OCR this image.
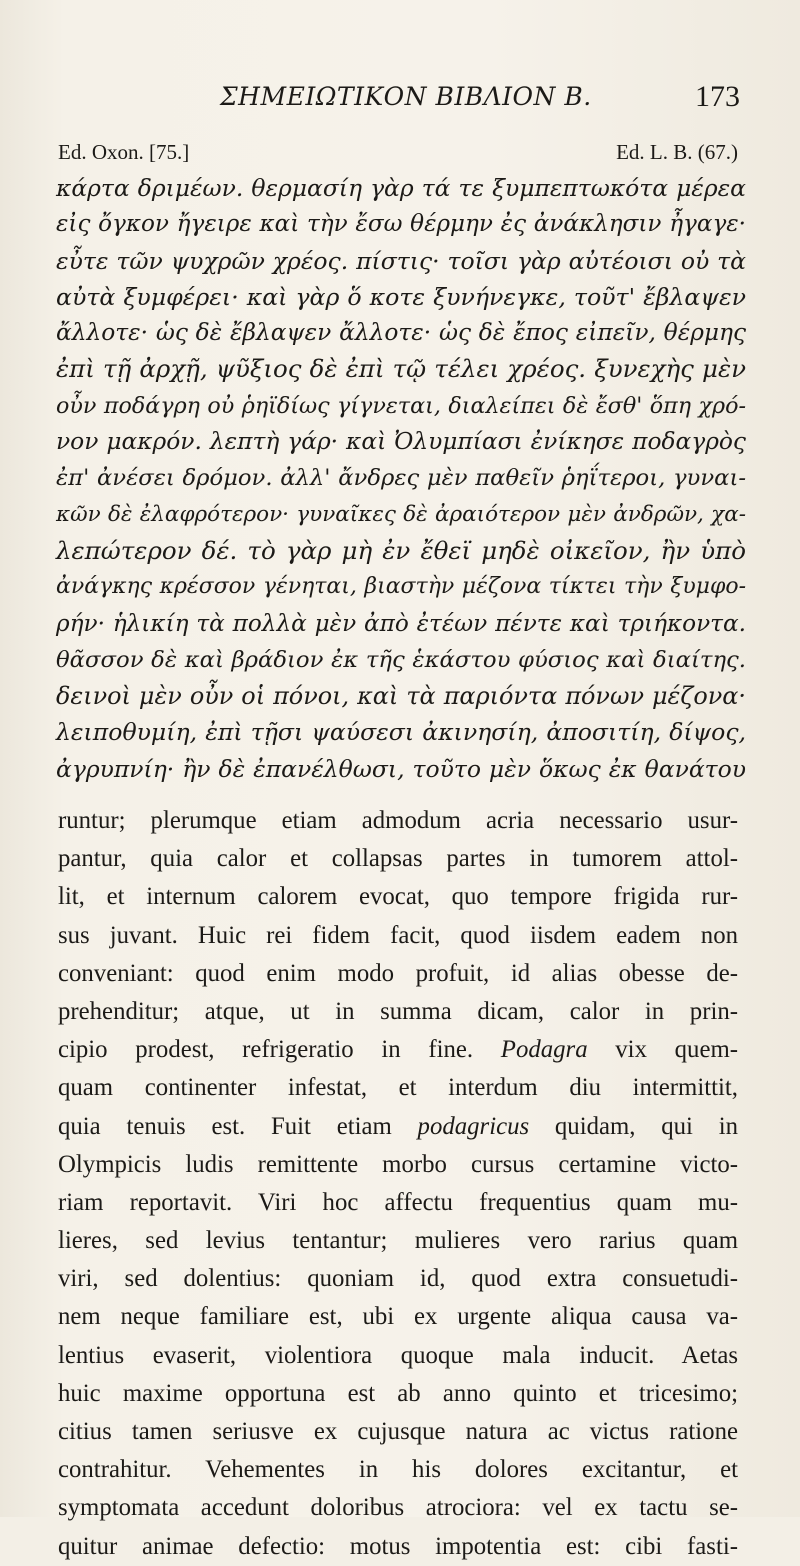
ΣΗΜΕΙΩΤΙΚΟΝ ΒΙΒΛΙΟΝ Β.	173
Ed. Oxon. [75.]	Ed. L. B. (67.)
κάρτα δριμέων. θερμασίη γὰρ τά τε ξυμπεπτωκότα μέρεα
εἰς ὄγκον ἤγειρε καὶ τὴν ἔσω θέρμην ἐς ἀνάκλησιν ἦγαγε·
εὖτε τῶν ψυχρῶν χρέος. πίστις· τοῖσι γὰρ αὐτέοισι οὐ τὰ
αὐτὰ ξυμφέρει· καὶ γὰρ ὅ κοτε ξυνήνεγκε, τοῦτ' ἔβλαψεν
ἄλλοτε· ὡς δὲ ἔβλαψεν ἄλλοτε· ὡς δὲ ἔπος εἰπεῖν, θέρμης
ἐπὶ τῇ ἀρχῇ, ψῦξιος δὲ ἐπὶ τῷ τέλει χρέος. ξυνεχὴς μὲν
οὖν ποδάγρη οὐ ῥηϊδίως γίγνεται, διαλείπει δὲ ἔσθ' ὅπη χρό-
νον μακρόν. λεπτὴ γάρ· καὶ Ὀλυμπίασι ἐνίκησε ποδαγρὸς
ἐπ' ἀνέσει δρόμον. ἀλλ' ἄνδρες μὲν παθεῖν ῥηΐτεροι, γυναι-
κῶν δὲ ἐλαφρότερον· γυναῖκες δὲ ἀραιότερον μὲν ἀνδρῶν, χα-
λεπώτερον δέ. τὸ γὰρ μὴ ἐν ἔθεϊ μηδὲ οἰκεῖον, ἢν ὑπὸ
ἀνάγκης κρέσσον γένηται, βιαστὴν μέζονα τίκτει τὴν ξυμφο-
ρήν· ἡλικίη τὰ πολλὰ μὲν ἀπὸ ἐτέων πέντε καὶ τριήκοντα.
θᾶσσον δὲ καὶ βράδιον ἐκ τῆς ἑκάστου φύσιος καὶ διαίτης.
δεινοὶ μὲν οὖν οἱ πόνοι, καὶ τὰ παριόντα πόνων μέζονα·
λειποθυμίη, ἐπὶ τῇσι ψαύσεσι ἀκινησίη, ἀποσιτίη, δίψος,
ἀγρυπνίη· ἢν δὲ ἐπανέλθωσι, τοῦτο μὲν ὅκως ἐκ θανάτου
runtur; plerumque etiam admodum acria necessario usur-
pantur, quia calor et collapsas partes in tumorem attol-
lit, et internum calorem evocat, quo tempore frigida rur-
sus juvant. Huic rei fidem facit, quod iisdem eadem non
conveniant: quod enim modo profuit, id alias obesse de-
prehenditur; atque, ut in summa dicam, calor in prin-
cipio prodest, refrigeratio in fine. Podagra vix quem-
quam continenter infestat, et interdum diu intermittit,
quia tenuis est. Fuit etiam podagricus quidam, qui in
Olympicis ludis remittente morbo cursus certamine victo-
riam reportavit. Viri hoc affectu frequentius quam mu-
lieres, sed levius tentantur; mulieres vero rarius quam
viri, sed dolentius: quoniam id, quod extra consuetudi-
nem neque familiare est, ubi ex urgente aliqua causa va-
lentius evaserit, violentiora quoque mala inducit. Aetas
huic maxime opportuna est ab anno quinto et tricesimo;
citius tamen seriusve ex cujusque natura ac victus ratione
contrahitur. Vehementes in his dolores excitantur, et
symptomata accedunt doloribus atrociora: vel ex tactu se-
quitur animae defectio: motus impotentia est: cibi fasti-
